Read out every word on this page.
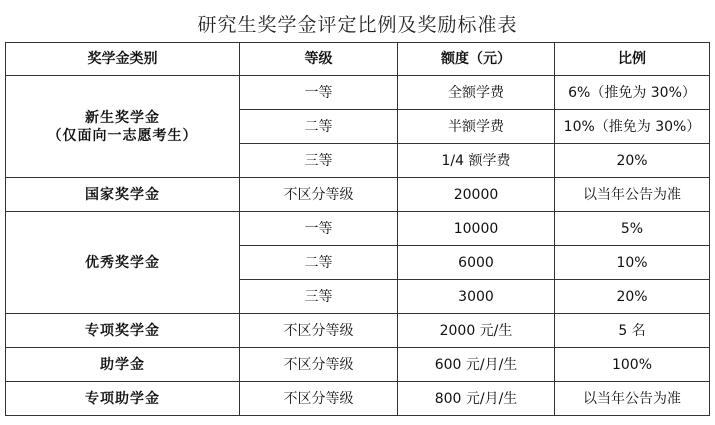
研究生奖学金评定比例及奖励标准表
奖学金类别	等级	额度（元）	比例
新生奖学金
（仅面向一志愿考生）	一等	全额学费	6%（推免为 30%）
	二等	半额学费	10%（推免为 30%）
	三等	1/4 额学费	20%
国家奖学金	不区分等级	20000	以当年公告为准
优秀奖学金	一等	10000	5%
	二等	6000	10%
	三等	3000	20%
专项奖学金	不区分等级	2000 元/生	5 名
助学金	不区分等级	600 元/月/生	100%
专项助学金	不区分等级	800 元/月/生	以当年公告为准
